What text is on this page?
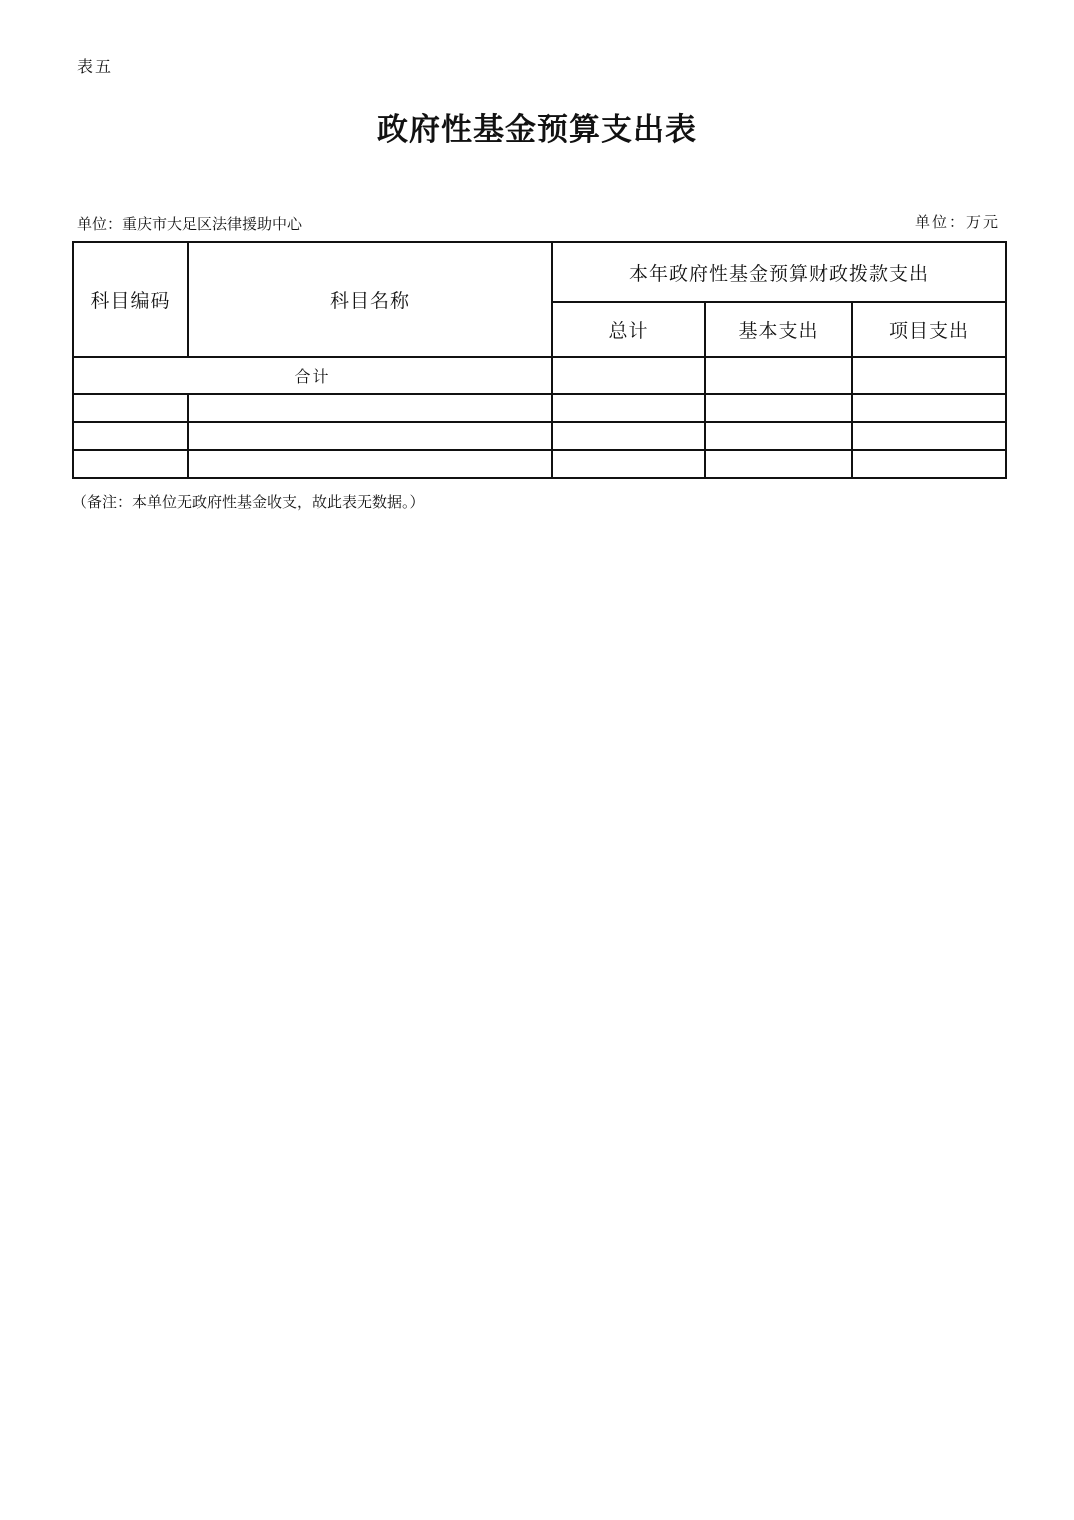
表五
政府性基金预算支出表
单位：重庆市大足区法律援助中心	单位：万元
科目编码	科目名称	本年政府性基金预算财政拨款支出		
		总计	基本支出	项目支出
合计				

（备注：本单位无政府性基金收支，故此表无数据。）
